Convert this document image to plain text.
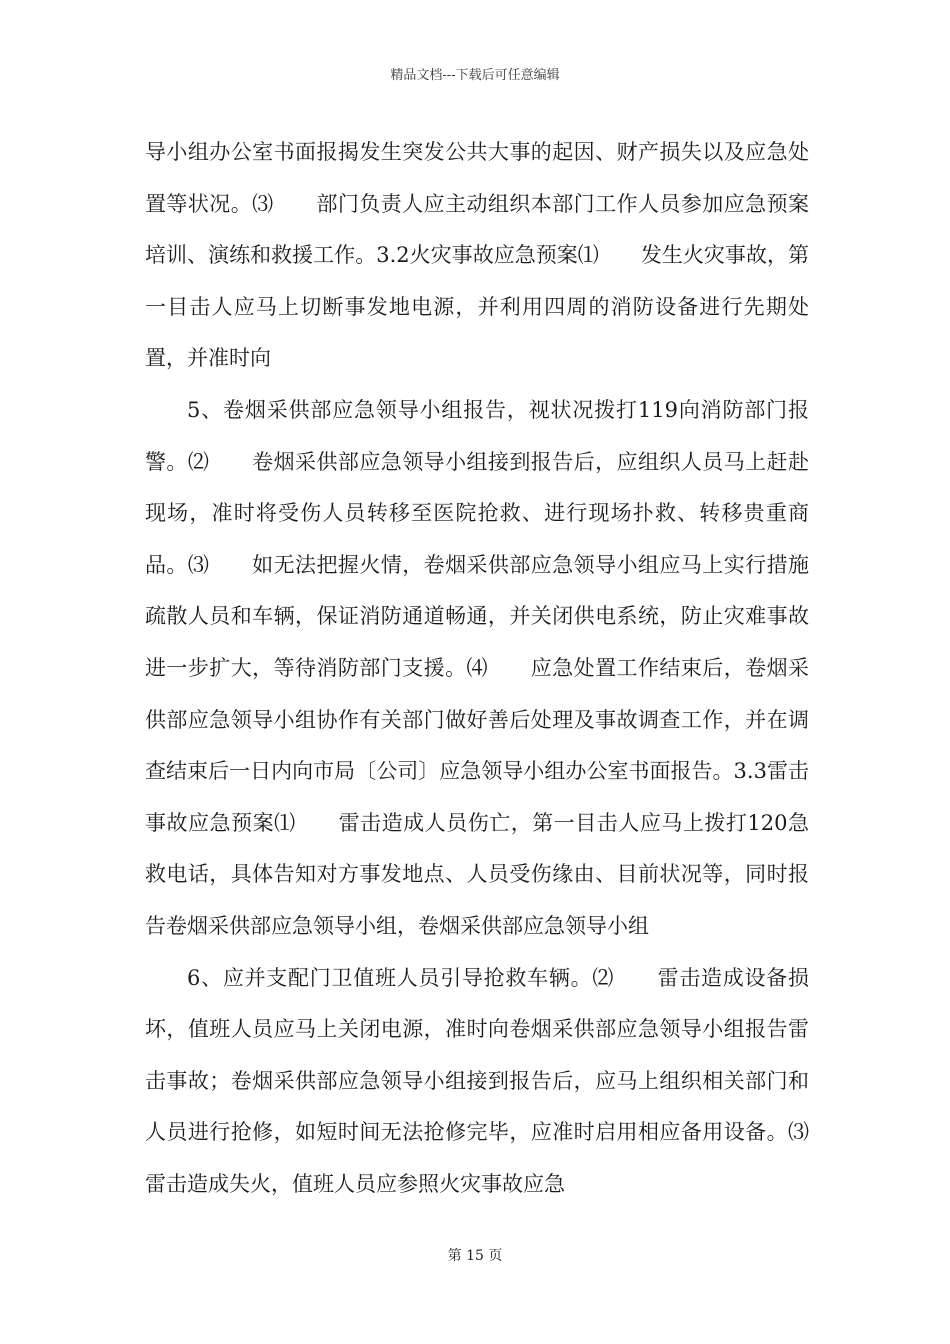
精品文档---下载后可任意编辑

导小组办公室书面报揭发生突发公共大事的起因、财产损失以及应急处置等状况。⑶　　部门负责人应主动组织本部门工作人员参加应急预案培训、演练和救援工作。3.2火灾事故应急预案⑴　　发生火灾事故，第一目击人应马上切断事发地电源，并利用四周的消防设备进行先期处置，并准时向

5、卷烟采供部应急领导小组报告，视状况拨打119向消防部门报警。⑵　　卷烟采供部应急领导小组接到报告后，应组织人员马上赶赴现场，准时将受伤人员转移至医院抢救、进行现场扑救、转移贵重商品。⑶　　如无法把握火情，卷烟采供部应急领导小组应马上实行措施疏散人员和车辆，保证消防通道畅通，并关闭供电系统，防止灾难事故进一步扩大，等待消防部门支援。⑷　　应急处置工作结束后，卷烟采供部应急领导小组协作有关部门做好善后处理及事故调查工作，并在调查结束后一日内向市局〔公司〕应急领导小组办公室书面报告。3.3雷击事故应急预案⑴　　雷击造成人员伤亡，第一目击人应马上拨打120急救电话，具体告知对方事发地点、人员受伤缘由、目前状况等，同时报告卷烟采供部应急领导小组，卷烟采供部应急领导小组

6、应并支配门卫值班人员引导抢救车辆。⑵　　雷击造成设备损坏，值班人员应马上关闭电源，准时向卷烟采供部应急领导小组报告雷击事故；卷烟采供部应急领导小组接到报告后，应马上组织相关部门和人员进行抢修，如短时间无法抢修完毕，应准时启用相应备用设备。⑶　　雷击造成失火，值班人员应参照火灾事故应急

第 15 页
